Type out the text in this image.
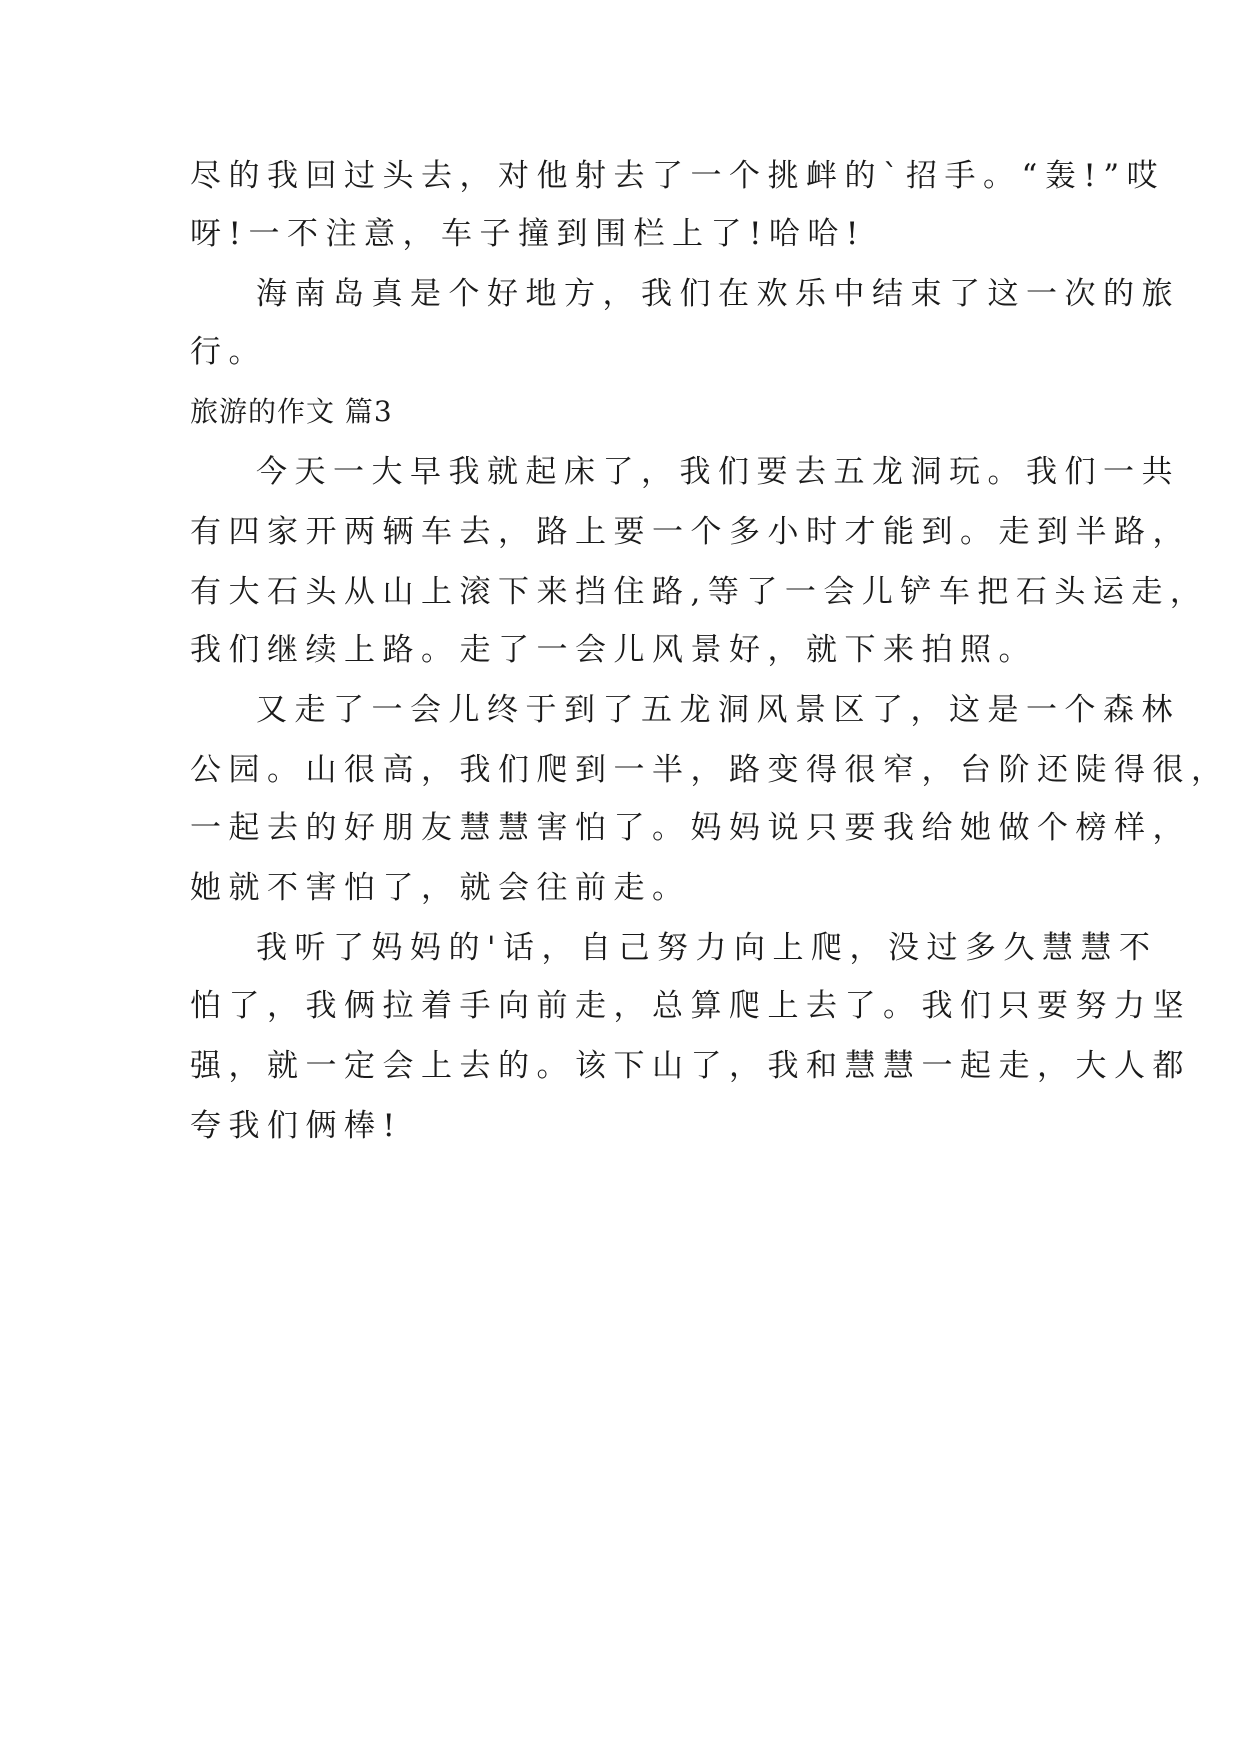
尽的我回过头去，对他射去了一个挑衅的`招手。“轰!”哎
呀!一不注意，车子撞到围栏上了!哈哈!
海南岛真是个好地方，我们在欢乐中结束了这一次的旅
行。
旅游的作文 篇3
今天一大早我就起床了，我们要去五龙洞玩。我们一共
有四家开两辆车去，路上要一个多小时才能到。走到半路，
有大石头从山上滚下来挡住路,等了一会儿铲车把石头运走，
我们继续上路。走了一会儿风景好，就下来拍照。
又走了一会儿终于到了五龙洞风景区了，这是一个森林
公园。山很高，我们爬到一半，路变得很窄，台阶还陡得很，
一起去的好朋友慧慧害怕了。妈妈说只要我给她做个榜样，
她就不害怕了，就会往前走。
我听了妈妈的'话，自己努力向上爬，没过多久慧慧不
怕了，我俩拉着手向前走，总算爬上去了。我们只要努力坚
强，就一定会上去的。该下山了，我和慧慧一起走，大人都
夸我们俩棒!
